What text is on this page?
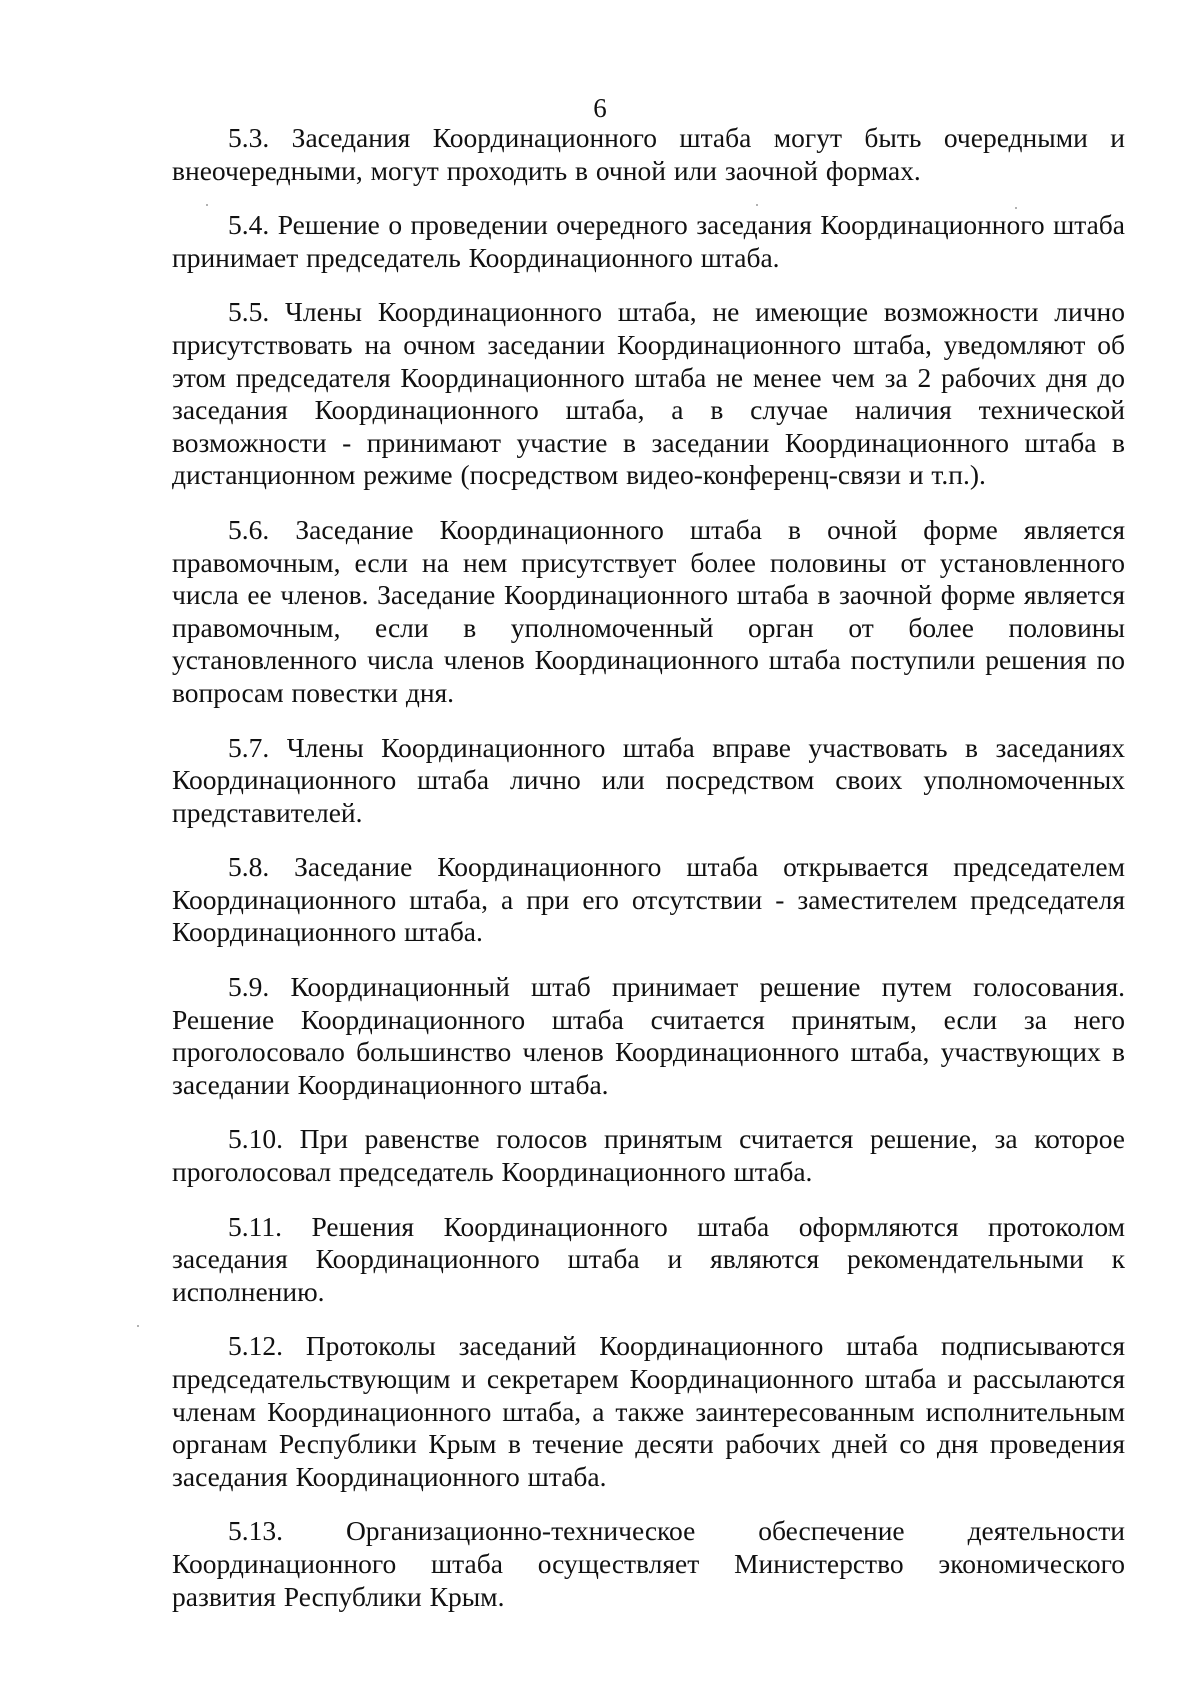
6

5.3. Заседания Координационного штаба могут быть очередными и внеочередными, могут проходить в очной или заочной формах.

5.4. Решение о проведении очередного заседания Координационного штаба принимает председатель Координационного штаба.

5.5. Члены Координационного штаба, не имеющие возможности лично присутствовать на очном заседании Координационного штаба, уведомляют об этом председателя Координационного штаба не менее чем за 2 рабочих дня до заседания Координационного штаба, а в случае наличия технической возможности - принимают участие в заседании Координационного штаба в дистанционном режиме (посредством видео-конференц-связи и т.п.).

5.6. Заседание Координационного штаба в очной форме является правомочным, если на нем присутствует более половины от установленного числа ее членов. Заседание Координационного штаба в заочной форме является правомочным, если в уполномоченный орган от более половины установленного числа членов Координационного штаба поступили решения по вопросам повестки дня.

5.7. Члены Координационного штаба вправе участвовать в заседаниях Координационного штаба лично или посредством своих уполномоченных представителей.

5.8. Заседание Координационного штаба открывается председателем Координационного штаба, а при его отсутствии - заместителем председателя Координационного штаба.

5.9. Координационный штаб принимает решение путем голосования. Решение Координационного штаба считается принятым, если за него проголосовало большинство членов Координационного штаба, участвующих в заседании Координационного штаба.

5.10. При равенстве голосов принятым считается решение, за которое проголосовал председатель Координационного штаба.

5.11. Решения Координационного штаба оформляются протоколом заседания Координационного штаба и являются рекомендательными к исполнению.

5.12. Протоколы заседаний Координационного штаба подписываются председательствующим и секретарем Координационного штаба и рассылаются членам Координационного штаба, а также заинтересованным исполнительным органам Республики Крым в течение десяти рабочих дней со дня проведения заседания Координационного штаба.

5.13. Организационно-техническое обеспечение деятельности Координационного штаба осуществляет Министерство экономического развития Республики Крым.
